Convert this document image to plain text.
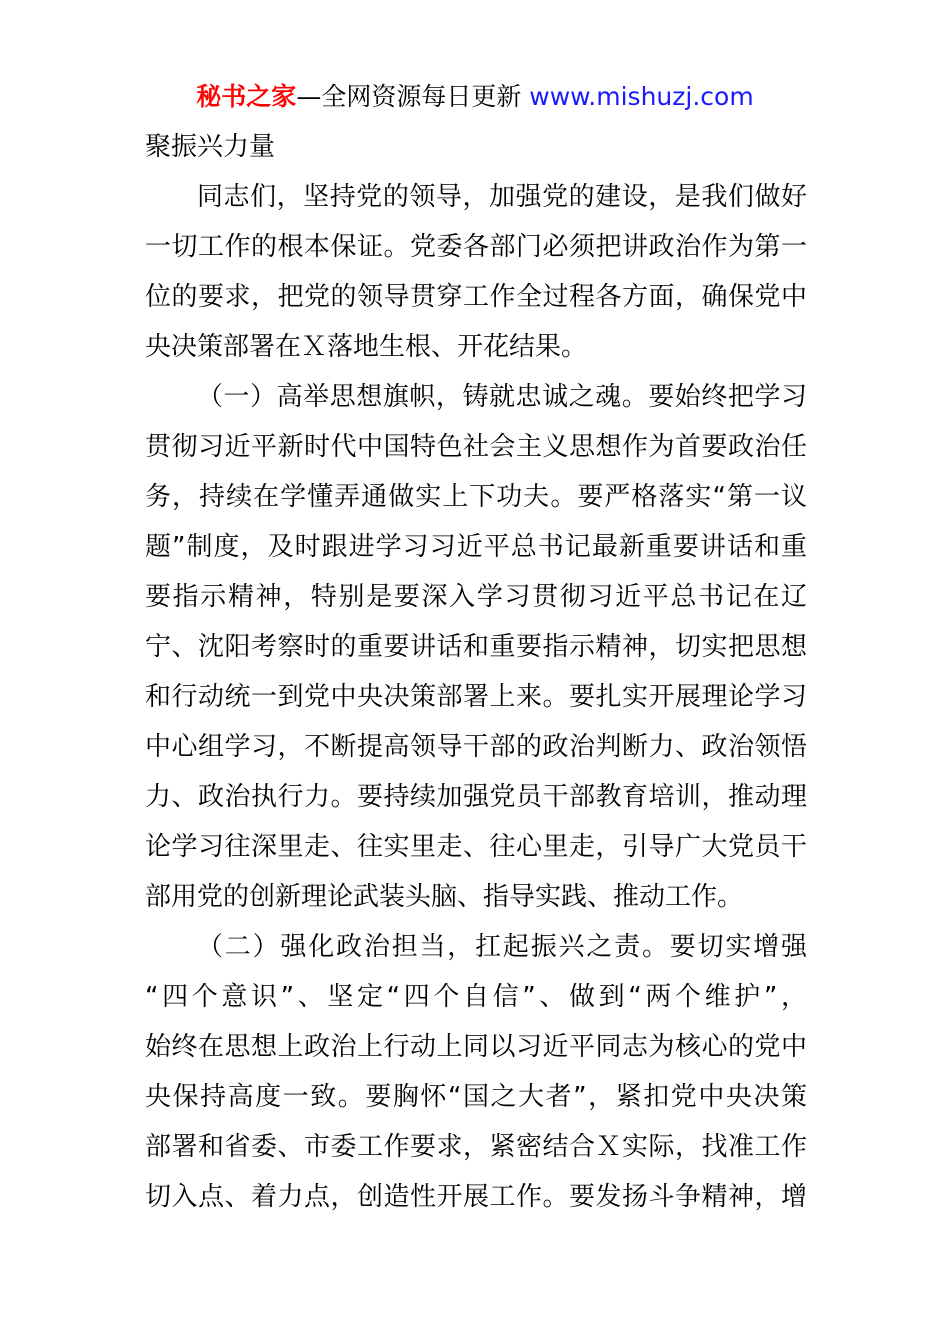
秘书之家—全网资源每日更新 www.mishuzj.com
聚振兴力量
同志们，坚持党的领导，加强党的建设，是我们做好
一切工作的根本保证。党委各部门必须把讲政治作为第一
位的要求，把党的领导贯穿工作全过程各方面，确保党中
央决策部署在Ｘ落地生根、开花结果。
（一）高举思想旗帜，铸就忠诚之魂。要始终把学习
贯彻习近平新时代中国特色社会主义思想作为首要政治任
务，持续在学懂弄通做实上下功夫。要严格落实“第一议
题”制度，及时跟进学习习近平总书记最新重要讲话和重
要指示精神，特别是要深入学习贯彻习近平总书记在辽
宁、沈阳考察时的重要讲话和重要指示精神，切实把思想
和行动统一到党中央决策部署上来。要扎实开展理论学习
中心组学习，不断提高领导干部的政治判断力、政治领悟
力、政治执行力。要持续加强党员干部教育培训，推动理
论学习往深里走、往实里走、往心里走，引导广大党员干
部用党的创新理论武装头脑、指导实践、推动工作。
（二）强化政治担当，扛起振兴之责。要切实增强
“四个意识”、坚定“四个自信”、做到“两个维护”，
始终在思想上政治上行动上同以习近平同志为核心的党中
央保持高度一致。要胸怀“国之大者”，紧扣党中央决策
部署和省委、市委工作要求，紧密结合Ｘ实际，找准工作
切入点、着力点，创造性开展工作。要发扬斗争精神，增
